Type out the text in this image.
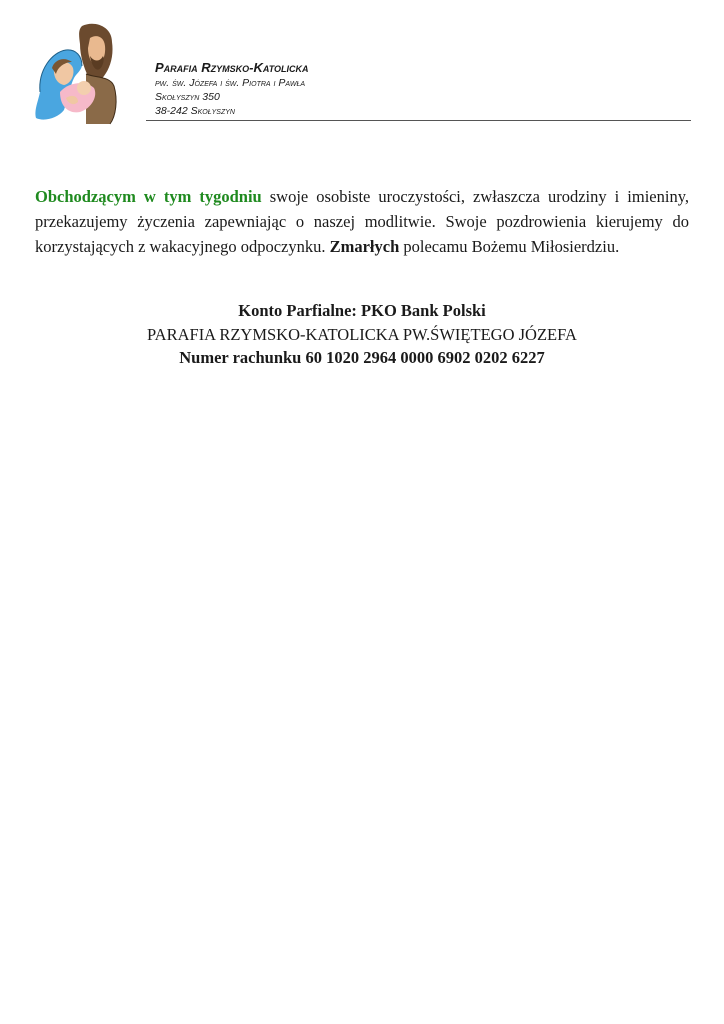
Parafia Rzymsko-Katolicka
pw. św. Józefa i św. Piotra i Pawła
Skołyszyn 350
38-242 Skołyszyn
Obchodzącym w tym tygodniu swoje osobiste uroczystości, zwłaszcza urodziny i imieniny, przekazujemy życzenia zapewniając o naszej modlitwie. Swoje pozdrowienia kierujemy do korzystających z wakacyjnego odpoczynku. Zmarłych polecamu Bożemu Miłosierdziu.
Konto Parfialne: PKO Bank Polski
PARAFIA RZYMSKO-KATOLICKA PW.ŚWIĘTEGO JÓZEFA
Numer rachunku 60 1020 2964 0000 6902 0202 6227
